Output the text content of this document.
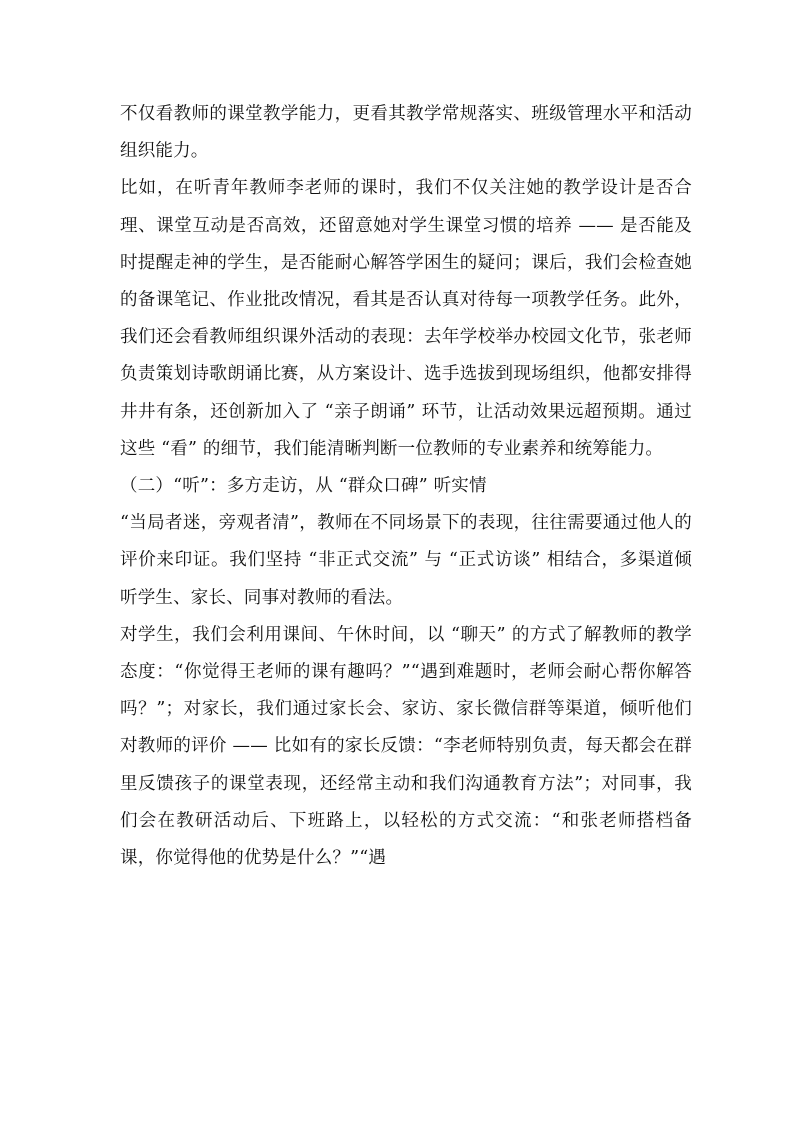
不仅看教师的课堂教学能力，更看其教学常规落实、班级管理水平和活动组织能力。

比如，在听青年教师李老师的课时，我们不仅关注她的教学设计是否合理、课堂互动是否高效，还留意她对学生课堂习惯的培养 —— 是否能及时提醒走神的学生，是否能耐心解答学困生的疑问；课后，我们会检查她的备课笔记、作业批改情况，看其是否认真对待每一项教学任务。此外，我们还会看教师组织课外活动的表现：去年学校举办校园文化节，张老师负责策划诗歌朗诵比赛，从方案设计、选手选拔到现场组织，他都安排得井井有条，还创新加入了 “亲子朗诵” 环节，让活动效果远超预期。通过这些 “看” 的细节，我们能清晰判断一位教师的专业素养和统筹能力。

（二）“听”：多方走访，从 “群众口碑” 听实情

“当局者迷，旁观者清”，教师在不同场景下的表现，往往需要通过他人的评价来印证。我们坚持 “非正式交流” 与 “正式访谈” 相结合，多渠道倾听学生、家长、同事对教师的看法。

对学生，我们会利用课间、午休时间，以 “聊天” 的方式了解教师的教学态度：“你觉得王老师的课有趣吗？”“遇到难题时，老师会耐心帮你解答吗？”；对家长，我们通过家长会、家访、家长微信群等渠道，倾听他们对教师的评价 —— 比如有的家长反馈：“李老师特别负责，每天都会在群里反馈孩子的课堂表现，还经常主动和我们沟通教育方法”；对同事，我们会在教研活动后、下班路上，以轻松的方式交流：“和张老师搭档备课，你觉得他的优势是什么？”“遇
